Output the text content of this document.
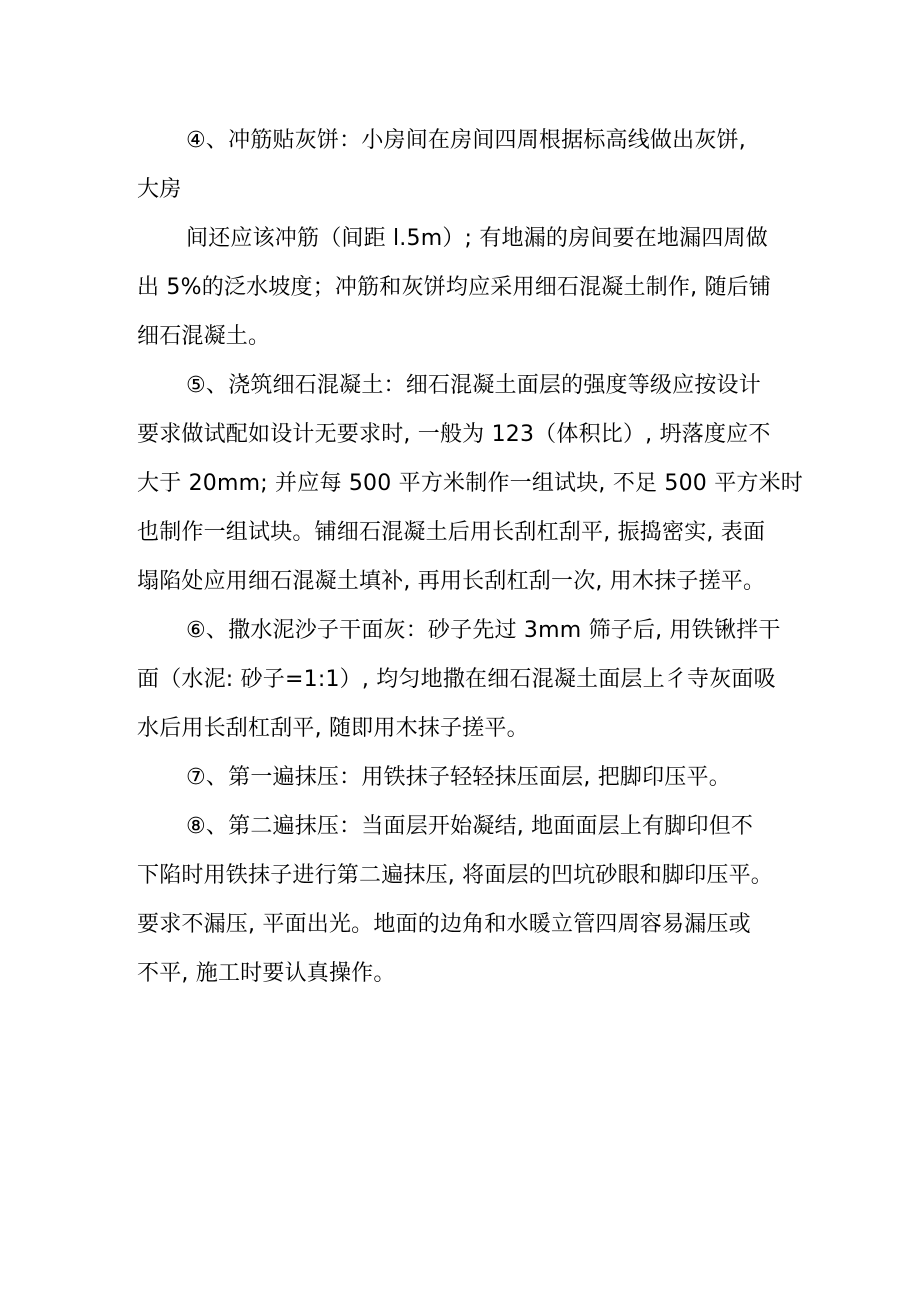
④、冲筋贴灰饼：小房间在房间四周根据标高线做出灰饼,
大房
间还应该冲筋（间距 l.5m）; 有地漏的房间要在地漏四周做
出 5%的泛水坡度；冲筋和灰饼均应采用细石混凝土制作, 随后铺
细石混凝土。
⑤、浇筑细石混凝土：细石混凝土面层的强度等级应按设计
要求做试配如设计无要求时, 一般为 123（体积比）, 坍落度应不
大于 20mm; 并应每 500 平方米制作一组试块, 不足 500 平方米时
也制作一组试块。铺细石混凝土后用长刮杠刮平, 振捣密实, 表面
塌陷处应用细石混凝土填补, 再用长刮杠刮一次, 用木抹子搓平。
⑥、撒水泥沙子干面灰：砂子先过 3mm 筛子后, 用铁锹拌干
面（水泥: 砂子=1:1）, 均匀地撒在细石混凝土面层上彳寺灰面吸
水后用长刮杠刮平, 随即用木抹子搓平。
⑦、第一遍抹压：用铁抹子轻轻抹压面层, 把脚印压平。
⑧、第二遍抹压：当面层开始凝结, 地面面层上有脚印但不
下陷时用铁抹子进行第二遍抹压, 将面层的凹坑砂眼和脚印压平。
要求不漏压, 平面出光。地面的边角和水暖立管四周容易漏压或
不平, 施工时要认真操作。
